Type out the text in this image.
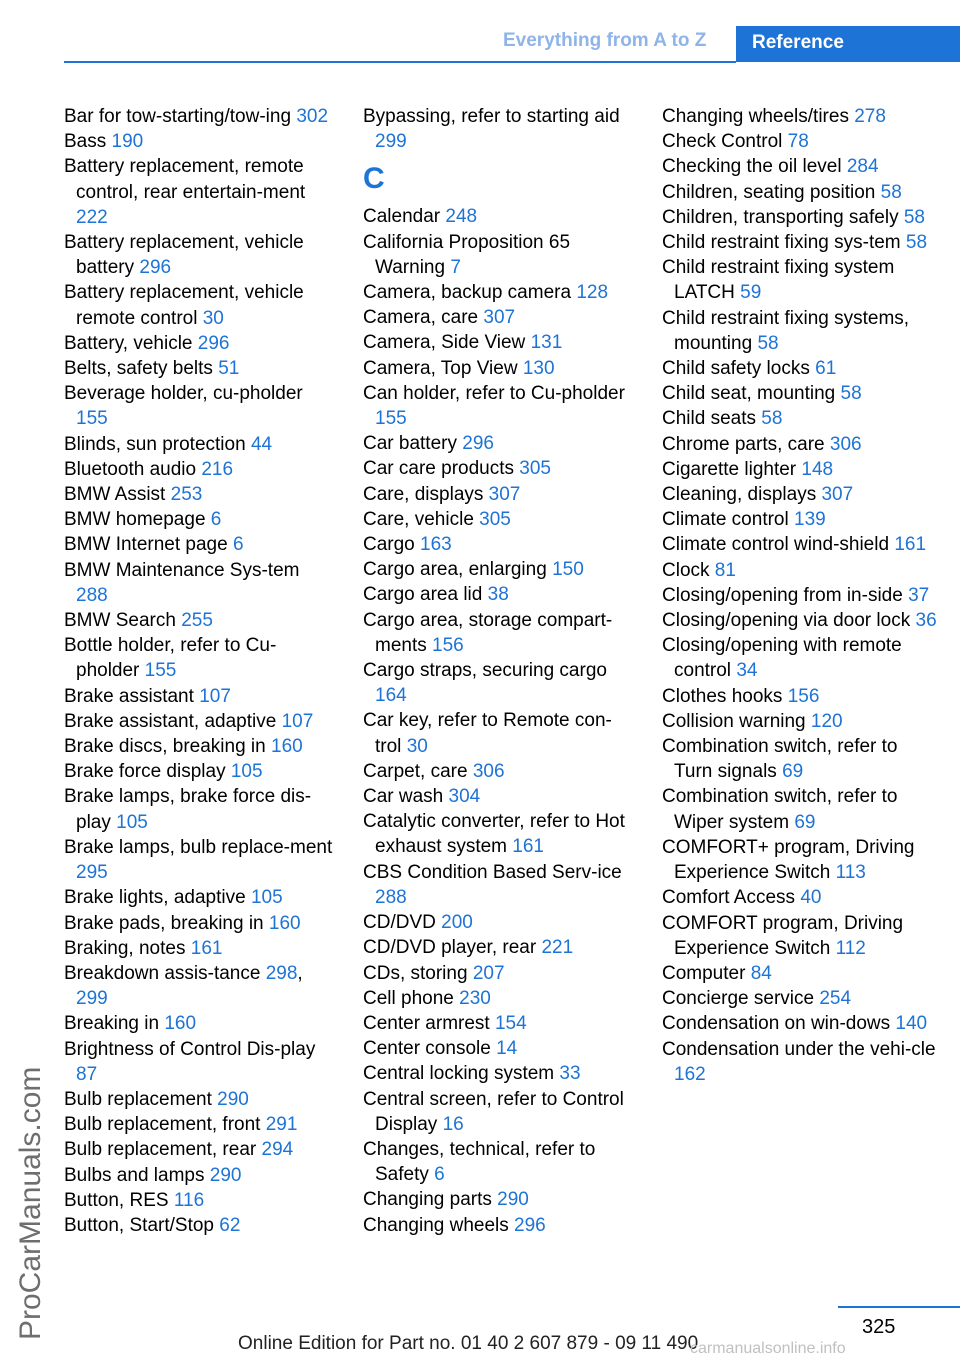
Everything from A to Z	Reference
Bar for tow-starting/tow-ing 302
Bass 190
Battery replacement, remote control, rear entertain-ment 222
Battery replacement, vehicle battery 296
Battery replacement, vehicle remote control 30
Battery, vehicle 296
Belts, safety belts 51
Beverage holder, cu-pholder 155
Blinds, sun protection 44
Bluetooth audio 216
BMW Assist 253
BMW homepage 6
BMW Internet page 6
BMW Maintenance Sys-tem 288
BMW Search 255
Bottle holder, refer to Cu-pholder 155
Brake assistant 107
Brake assistant, adaptive 107
Brake discs, breaking in 160
Brake force display 105
Brake lamps, brake force dis-play 105
Brake lamps, bulb replace-ment 295
Brake lights, adaptive 105
Brake pads, breaking in 160
Braking, notes 161
Breakdown assis-tance 298, 299
Breaking in 160
Brightness of Control Dis-play 87
Bulb replacement 290
Bulb replacement, front 291
Bulb replacement, rear 294
Bulbs and lamps 290
Button, RES 116
Button, Start/Stop 62
Bypassing, refer to starting aid 299
C
Calendar 248
California Proposition 65 Warning 7
Camera, backup camera 128
Camera, care 307
Camera, Side View 131
Camera, Top View 130
Can holder, refer to Cu-pholder 155
Car battery 296
Car care products 305
Care, displays 307
Care, vehicle 305
Cargo 163
Cargo area, enlarging 150
Cargo area lid 38
Cargo area, storage compart-ments 156
Cargo straps, securing cargo 164
Car key, refer to Remote con-trol 30
Carpet, care 306
Car wash 304
Catalytic converter, refer to Hot exhaust system 161
CBS Condition Based Serv-ice 288
CD/DVD 200
CD/DVD player, rear 221
CDs, storing 207
Cell phone 230
Center armrest 154
Center console 14
Central locking system 33
Central screen, refer to Control Display 16
Changes, technical, refer to Safety 6
Changing parts 290
Changing wheels 296
Changing wheels/tires 278
Check Control 78
Checking the oil level 284
Children, seating position 58
Children, transporting safely 58
Child restraint fixing sys-tem 58
Child restraint fixing system LATCH 59
Child restraint fixing systems, mounting 58
Child safety locks 61
Child seat, mounting 58
Child seats 58
Chrome parts, care 306
Cigarette lighter 148
Cleaning, displays 307
Climate control 139
Climate control wind-shield 161
Clock 81
Closing/opening from in-side 37
Closing/opening via door lock 36
Closing/opening with remote control 34
Clothes hooks 156
Collision warning 120
Combination switch, refer to Turn signals 69
Combination switch, refer to Wiper system 69
COMFORT+ program, Driving Experience Switch 113
Comfort Access 40
COMFORT program, Driving Experience Switch 112
Computer 84
Concierge service 254
Condensation on win-dows 140
Condensation under the vehi-cle 162
ProCarManuals.com	325
Online Edition for Part no. 01 40 2 607 879 - 09 11 490
carmanualsonline.info
